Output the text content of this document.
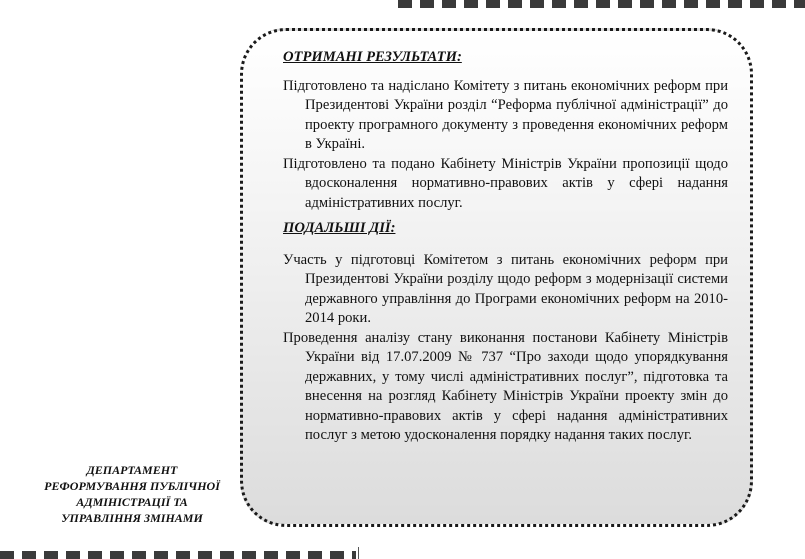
ОТРИМАНІ РЕЗУЛЬТАТИ:

Підготовлено та надіслано Комітету з питань економічних реформ при Президентові України розділ “Реформа публічної адміністрації” до проекту програмного документу з проведення економічних реформ в Україні.

Підготовлено та подано Кабінету Міністрів України пропозиції щодо вдосконалення нормативно-правових актів у сфері надання адміністративних послуг.

ПОДАЛЬШІ ДІЇ:

Участь у підготовці Комітетом з питань економічних реформ при Президентові України розділу щодо реформ з модернізації системи державного управління до Програми економічних реформ на 2010-2014 роки.

Проведення аналізу стану виконання постанови Кабінету Міністрів України від 17.07.2009 № 737 “Про заходи щодо упорядкування державних, у тому числі адміністративних послуг”, підготовка та внесення на розгляд Кабінету Міністрів України проекту змін до нормативно-правових актів у сфері надання адміністративних послуг з метою удосконалення порядку надання таких послуг.

ДЕПАРТАМЕНТ
РЕФОРМУВАННЯ ПУБЛІЧНОЇ
АДМІНІСТРАЦІЇ ТА
УПРАВЛІННЯ ЗМІНАМИ
